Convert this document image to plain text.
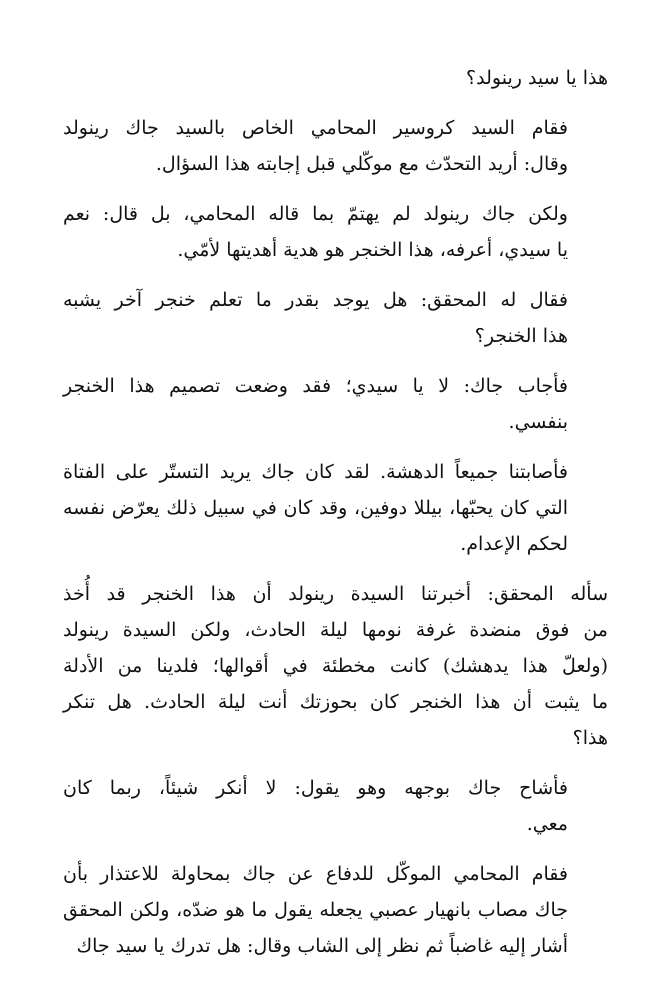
هذا يا سيد رينولد؟

فقام السيد كروسير المحامي الخاص بالسيد جاك رينولد
وقال: أريد التحدّث مع موكّلي قبل إجابته هذا السؤال.

ولكن جاك رينولد لم يهتمّ بما قاله المحامي، بل قال: نعم
يا سيدي، أعرفه، هذا الخنجر هو هدية أهديتها لأمّي.

فقال له المحقق: هل يوجد بقدر ما تعلم خنجر آخر يشبه
هذا الخنجر؟

فأجاب جاك: لا يا سيدي؛ فقد وضعت تصميم هذا الخنجر
بنفسي.

فأصابتنا جميعاً الدهشة. لقد كان جاك يريد التستّر على الفتاة
التي كان يحبّها، بيللا دوفين، وقد كان في سبيل ذلك يعرّض نفسه
لحكم الإعدام.

سأله المحقق: أخبرتنا السيدة رينولد أن هذا الخنجر قد أُخذ
من فوق منضدة غرفة نومها ليلة الحادث، ولكن السيدة رينولد
(ولعلّ هذا يدهشك) كانت مخطئة في أقوالها؛ فلدينا من الأدلة
ما يثبت أن هذا الخنجر كان بحوزتك أنت ليلة الحادث. هل تنكر
هذا؟

فأشاح جاك بوجهه وهو يقول: لا أنكر شيئاً، ربما كان
معي.

فقام المحامي الموكّل للدفاع عن جاك بمحاولة للاعتذار بأن
جاك مصاب بانهيار عصبي يجعله يقول ما هو ضدّه، ولكن المحقق
أشار إليه غاضباً ثم نظر إلى الشاب وقال: هل تدرك يا سيد جاك
